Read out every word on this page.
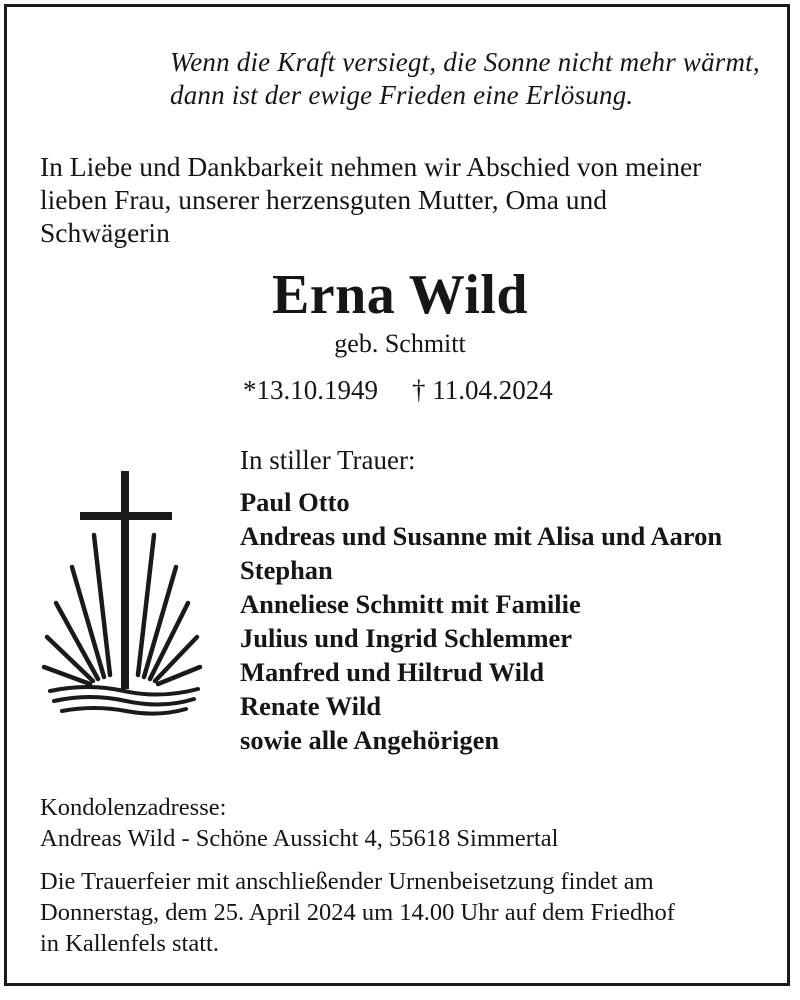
Wenn die Kraft versiegt, die Sonne nicht mehr wärmt,
dann ist der ewige Frieden eine Erlösung.
In Liebe und Dankbarkeit nehmen wir Abschied von meiner
lieben Frau, unserer herzensguten Mutter, Oma und
Schwägerin
Erna Wild
geb. Schmitt
*13.10.1949 † 11.04.2024
In stiller Trauer:
Paul Otto
Andreas und Susanne mit Alisa und Aaron
Stephan
Anneliese Schmitt mit Familie
Julius und Ingrid Schlemmer
Manfred und Hiltrud Wild
Renate Wild
sowie alle Angehörigen
Kondolenzadresse:
Andreas Wild - Schöne Aussicht 4, 55618 Simmertal
Die Trauerfeier mit anschließender Urnenbeisetzung findet am
Donnerstag, dem 25. April 2024 um 14.00 Uhr auf dem Friedhof
in Kallenfels statt.
